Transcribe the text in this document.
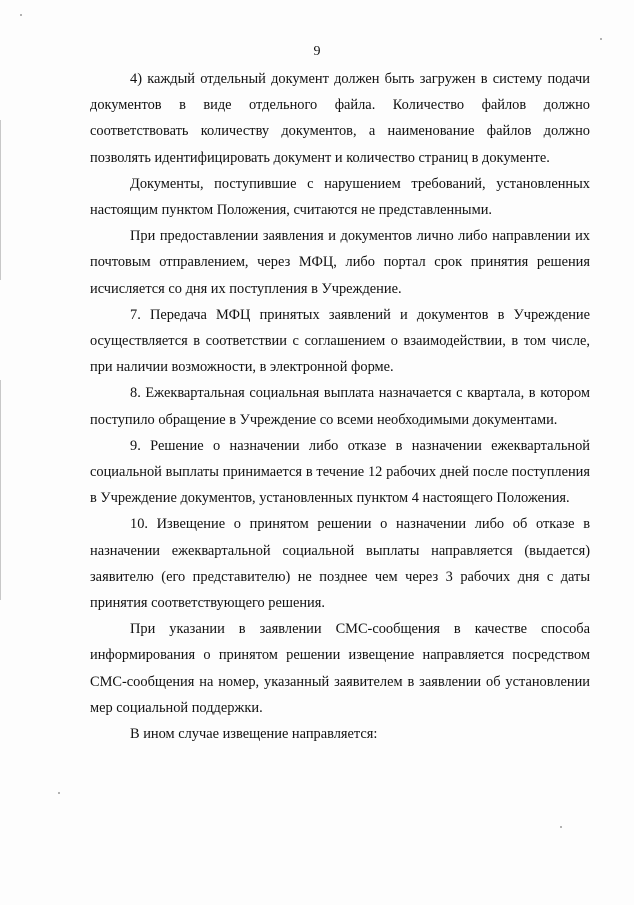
9

4) каждый отдельный документ должен быть загружен в систему подачи документов в виде отдельного файла. Количество файлов должно соответствовать количеству документов, а наименование файлов должно позволять идентифицировать документ и количество страниц в документе.

Документы, поступившие с нарушением требований, установленных настоящим пунктом Положения, считаются не представленными.

При предоставлении заявления и документов лично либо направлении их почтовым отправлением, через МФЦ, либо портал срок принятия решения исчисляется со дня их поступления в Учреждение.

7. Передача МФЦ принятых заявлений и документов в Учреждение осуществляется в соответствии с соглашением о взаимодействии, в том числе, при наличии возможности, в электронной форме.

8. Ежеквартальная социальная выплата назначается с квартала, в котором поступило обращение в Учреждение со всеми необходимыми документами.

9. Решение о назначении либо отказе в назначении ежеквартальной социальной выплаты принимается в течение 12 рабочих дней после поступления в Учреждение документов, установленных пунктом 4 настоящего Положения.

10. Извещение о принятом решении о назначении либо об отказе в назначении ежеквартальной социальной выплаты направляется (выдается) заявителю (его представителю) не позднее чем через 3 рабочих дня с даты принятия соответствующего решения.

При указании в заявлении СМС-сообщения в качестве способа информирования о принятом решении извещение направляется посредством СМС-сообщения на номер, указанный заявителем в заявлении об установлении мер социальной поддержки.

В ином случае извещение направляется:
